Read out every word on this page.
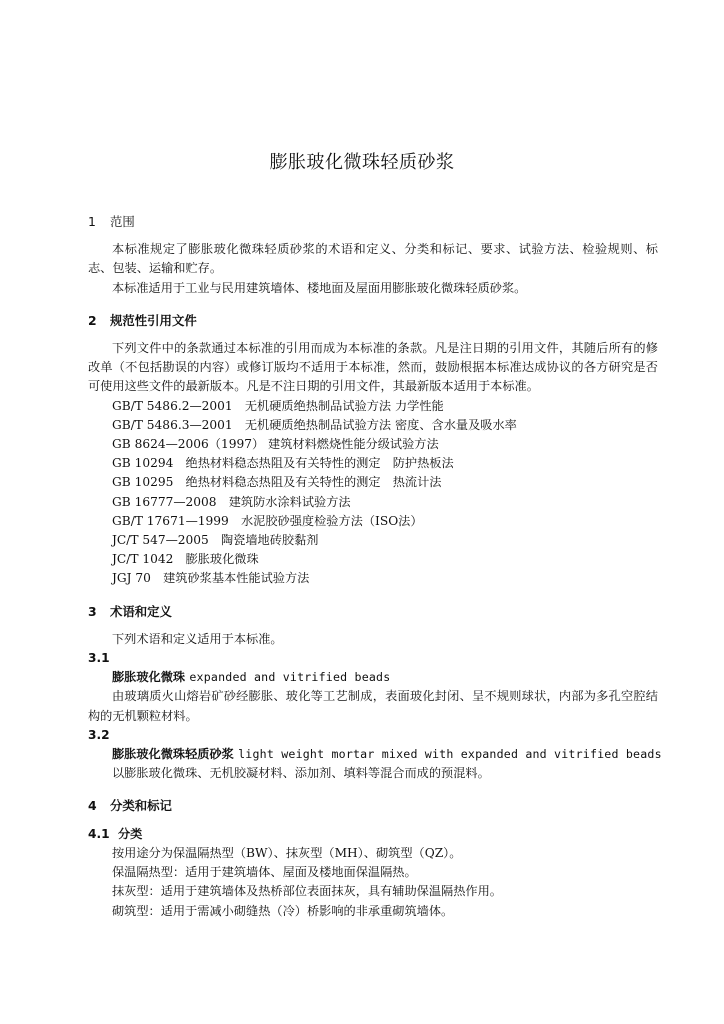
膨胀玻化微珠轻质砂浆
1 范围

本标准规定了膨胀玻化微珠轻质砂浆的术语和定义、分类和标记、要求、试验方法、检验规则、标志、包装、运输和贮存。

本标准适用于工业与民用建筑墙体、楼地面及屋面用膨胀玻化微珠轻质砂浆。

2 规范性引用文件

下列文件中的条款通过本标准的引用而成为本标准的条款。凡是注日期的引用文件，其随后所有的修改单（不包括勘误的内容）或修订版均不适用于本标准，然而，鼓励根据本标准达成协议的各方研究是否可使用这些文件的最新版本。凡是不注日期的引用文件，其最新版本适用于本标准。

GB/T 5486.2—2001　无机硬质绝热制品试验方法 力学性能
GB/T 5486.3—2001　无机硬质绝热制品试验方法 密度、含水量及吸水率
GB 8624—2006（1997） 建筑材料燃烧性能分级试验方法
GB 10294　绝热材料稳态热阻及有关特性的测定　防护热板法
GB 10295　绝热材料稳态热阻及有关特性的测定　热流计法
GB 16777—2008　建筑防水涂料试验方法
GB/T 17671—1999　水泥胶砂强度检验方法（ISO法）
JC/T 547—2005　陶瓷墙地砖胶黏剂
JC/T 1042　膨胀玻化微珠
JGJ 70　建筑砂浆基本性能试验方法
3 术语和定义

下列术语和定义适用于本标准。

3.1

膨胀玻化微珠 expanded and vitrified beads

由玻璃质火山熔岩矿砂经膨胀、玻化等工艺制成，表面玻化封闭、呈不规则球状，内部为多孔空腔结构的无机颗粒材料。

3.2

膨胀玻化微珠轻质砂浆 light weight mortar mixed with expanded and vitrified beads

以膨胀玻化微珠、无机胶凝材料、添加剂、填料等混合而成的预混料。

4 分类和标记
4.1 分类

按用途分为保温隔热型（BW）、抹灰型（MH）、砌筑型（QZ）。

保温隔热型：适用于建筑墙体、屋面及楼地面保温隔热。

抹灰型：适用于建筑墙体及热桥部位表面抹灰，具有辅助保温隔热作用。

砌筑型：适用于需减小砌缝热（冷）桥影响的非承重砌筑墙体。
